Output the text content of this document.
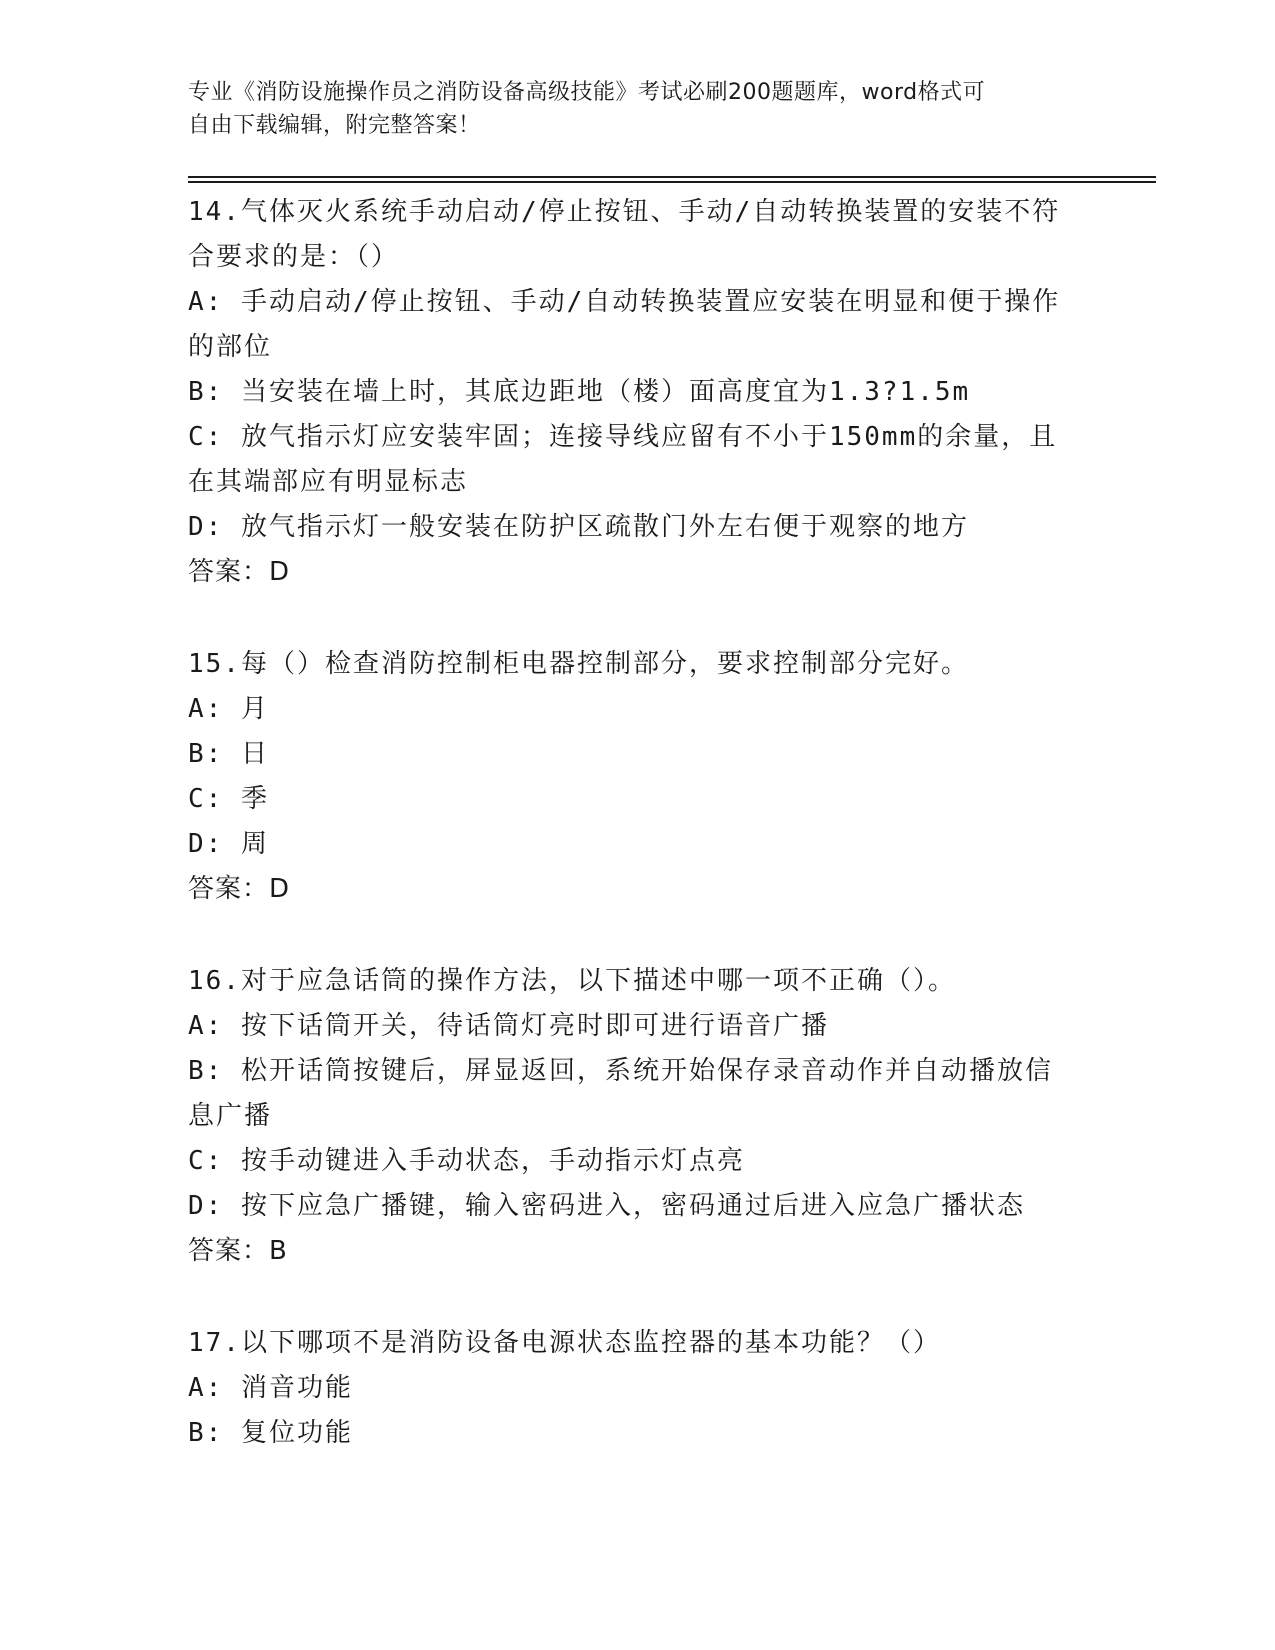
专业《消防设施操作员之消防设备高级技能》考试必刷200题题库，word格式可
自由下载编辑，附完整答案！
14.气体灭火系统手动启动/停止按钮、手动/自动转换装置的安装不符
合要求的是：（）
A: 手动启动/停止按钮、手动/自动转换装置应安装在明显和便于操作
的部位
B: 当安装在墙上时，其底边距地（楼）面高度宜为1.3?1.5m
C: 放气指示灯应安装牢固；连接导线应留有不小于150mm的余量，且
在其端部应有明显标志
D: 放气指示灯一般安装在防护区疏散门外左右便于观察的地方
答案：D
15.每（）检查消防控制柜电器控制部分，要求控制部分完好。
A: 月
B: 日
C: 季
D: 周
答案：D
16.对于应急话筒的操作方法，以下描述中哪一项不正确（）。
A: 按下话筒开关，待话筒灯亮时即可进行语音广播
B: 松开话筒按键后，屏显返回，系统开始保存录音动作并自动播放信
息广播
C: 按手动键进入手动状态，手动指示灯点亮
D: 按下应急广播键，输入密码进入，密码通过后进入应急广播状态
答案：B
17.以下哪项不是消防设备电源状态监控器的基本功能？（）
A: 消音功能
B: 复位功能
